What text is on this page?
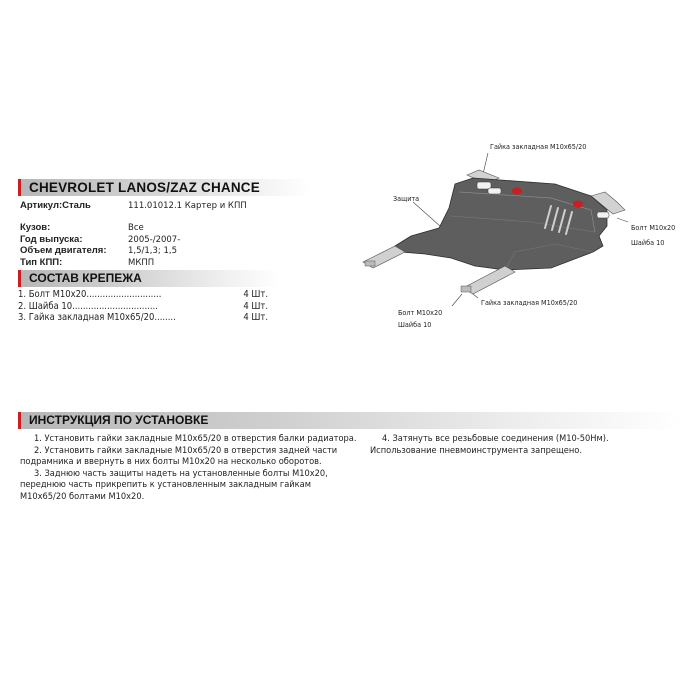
CHEVROLET LANOS/ZAZ CHANCE
Артикул:Сталь	111.01012.1 Картер и КПП
Кузов:	Все
Год выпуска:	2005-/2007-
Объем двигателя:	1,5/1,3; 1,5
Тип КПП:	МКПП
СОСТАВ КРЕПЕЖА
1. Болт М10х20............................	4 Шт.
2. Шайба 10................................	4 Шт.
3. Гайка закладная М10х65/20........	4 Шт.
Гайка закладная М10х65/20
Защита
Болт М10х20
Шайба 10
Гайка закладная М10х65/20
Болт М10х20
Шайба 10
ИНСТРУКЦИЯ ПО УСТАНОВКЕ

1. Установить гайки закладные М10х65/20 в отверстия балки радиатора.

2. Установить гайки закладные М10х65/20 в отверстия задней части подрамника и ввернуть в них болты М10х20 на несколько оборотов.

3. Заднюю часть защиты надеть на установленные болты М10х20, переднюю часть прикрепить к установленным закладным гайкам М10х65/20 болтами М10х20.

4. Затянуть все резьбовые соединения (М10-50Нм).

Использование пневмоинструмента запрещено.
